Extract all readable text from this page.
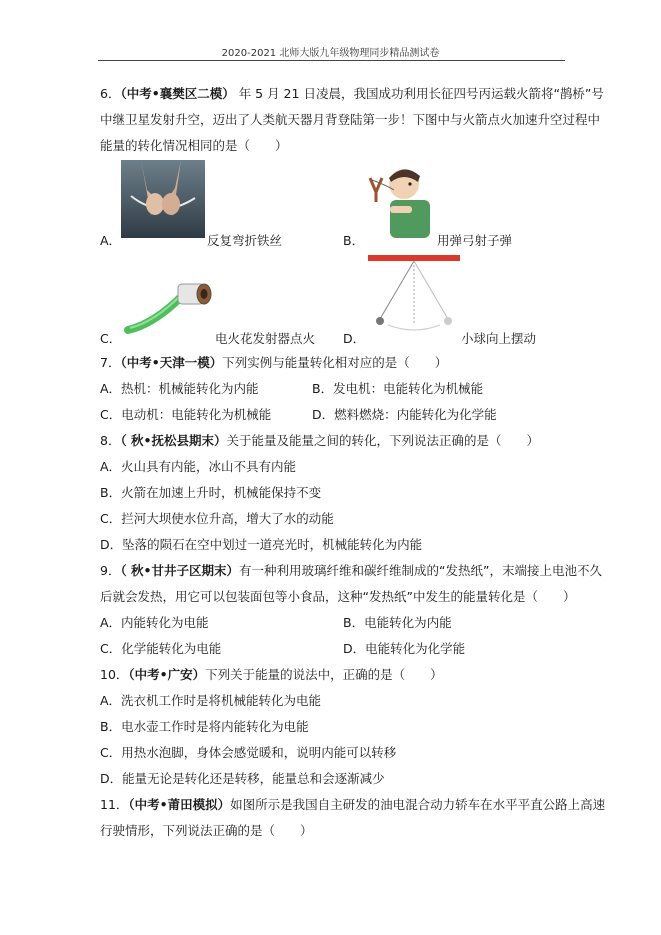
2020-2021 北师大版九年级物理同步精品测试卷
6．（中考•襄樊区二模） 年 5 月 21 日凌晨，我国成功利用长征四号丙运载火箭将“鹊桥”号
中继卫星发射升空，迈出了人类航天器月背登陆第一步！下图中与火箭点火加速升空过程中
能量的转化情况相同的是（　　）
A．	反复弯折铁丝	B．	用弹弓射子弹
C．	电火花发射器点火 D．	小球向上摆动
7．（中考•天津一模）下列实例与能量转化相对应的是（　　）
A．热机：机械能转化为内能	B．发电机：电能转化为机械能
C．电动机：电能转化为机械能	D．燃料燃烧：内能转化为化学能
8．（ 秋•抚松县期末）关于能量及能量之间的转化，下列说法正确的是（　　）
A．火山具有内能，冰山不具有内能
B．火箭在加速上升时，机械能保持不变
C．拦河大坝使水位升高，增大了水的动能
D．坠落的陨石在空中划过一道亮光时，机械能转化为内能
9．（ 秋•甘井子区期末）有一种利用玻璃纤维和碳纤维制成的“发热纸”，末端接上电池不久
后就会发热，用它可以包装面包等小食品，这种“发热纸”中发生的能量转化是（　　）
A．内能转化为电能	B．电能转化为内能
C．化学能转化为电能	D．电能转化为化学能
10．（中考•广安）下列关于能量的说法中，正确的是（　　）
A．洗衣机工作时是将机械能转化为电能
B．电水壶工作时是将内能转化为电能
C．用热水泡脚，身体会感觉暖和，说明内能可以转移
D．能量无论是转化还是转移，能量总和会逐渐减少
11．（中考•莆田模拟）如图所示是我国自主研发的油电混合动力轿车在水平平直公路上高速
行驶情形，下列说法正确的是（　　）
